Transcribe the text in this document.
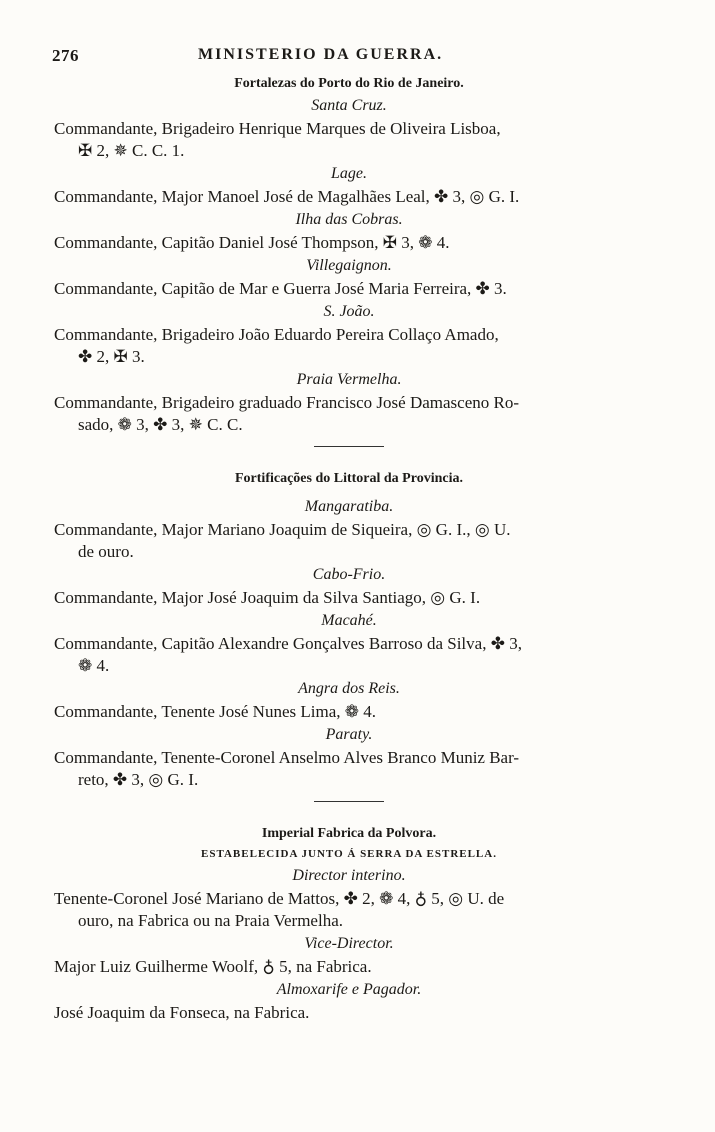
276	MINISTERIO DA GUERRA.
Fortalezas do Porto do Rio de Janeiro.
Santa Cruz.

Commandante, Brigadeiro Henrique Marques de Oliveira Lisboa,
✠ 2, ✵ C. C. 1.

Lage.

Commandante, Major Manoel José de Magalhães Leal, ✤ 3, ◎ G. I.

Ilha das Cobras.

Commandante, Capitão Daniel José Thompson, ✠ 3, ❁ 4.

Villegaignon.

Commandante, Capitão de Mar e Guerra José Maria Ferreira, ✤ 3.

S. João.

Commandante, Brigadeiro João Eduardo Pereira Collaço Amado,
✤ 2, ✠ 3.

Praia Vermelha.

Commandante, Brigadeiro graduado Francisco José Damasceno Ro-
sado, ❁ 3, ✤ 3, ✵ C. C.

Fortificações do Littoral da Provincia.
Mangaratiba.

Commandante, Major Mariano Joaquim de Siqueira, ◎ G. I., ◎ U.
de ouro.

Cabo-Frio.

Commandante, Major José Joaquim da Silva Santiago, ◎ G. I.

Macahé.

Commandante, Capitão Alexandre Gonçalves Barroso da Silva, ✤ 3,
❁ 4.

Angra dos Reis.

Commandante, Tenente José Nunes Lima, ❁ 4.

Paraty.

Commandante, Tenente-Coronel Anselmo Alves Branco Muniz Bar-
reto, ✤ 3, ◎ G. I.

Imperial Fabrica da Polvora.
ESTABELECIDA JUNTO Á SERRA DA ESTRELLA.
Director interino.

Tenente-Coronel José Mariano de Mattos, ✤ 2, ❁ 4, ♁ 5, ◎ U. de
ouro, na Fabrica ou na Praia Vermelha.

Vice-Director.

Major Luiz Guilherme Woolf, ♁ 5, na Fabrica.

Almoxarife e Pagador.

José Joaquim da Fonseca, na Fabrica.
